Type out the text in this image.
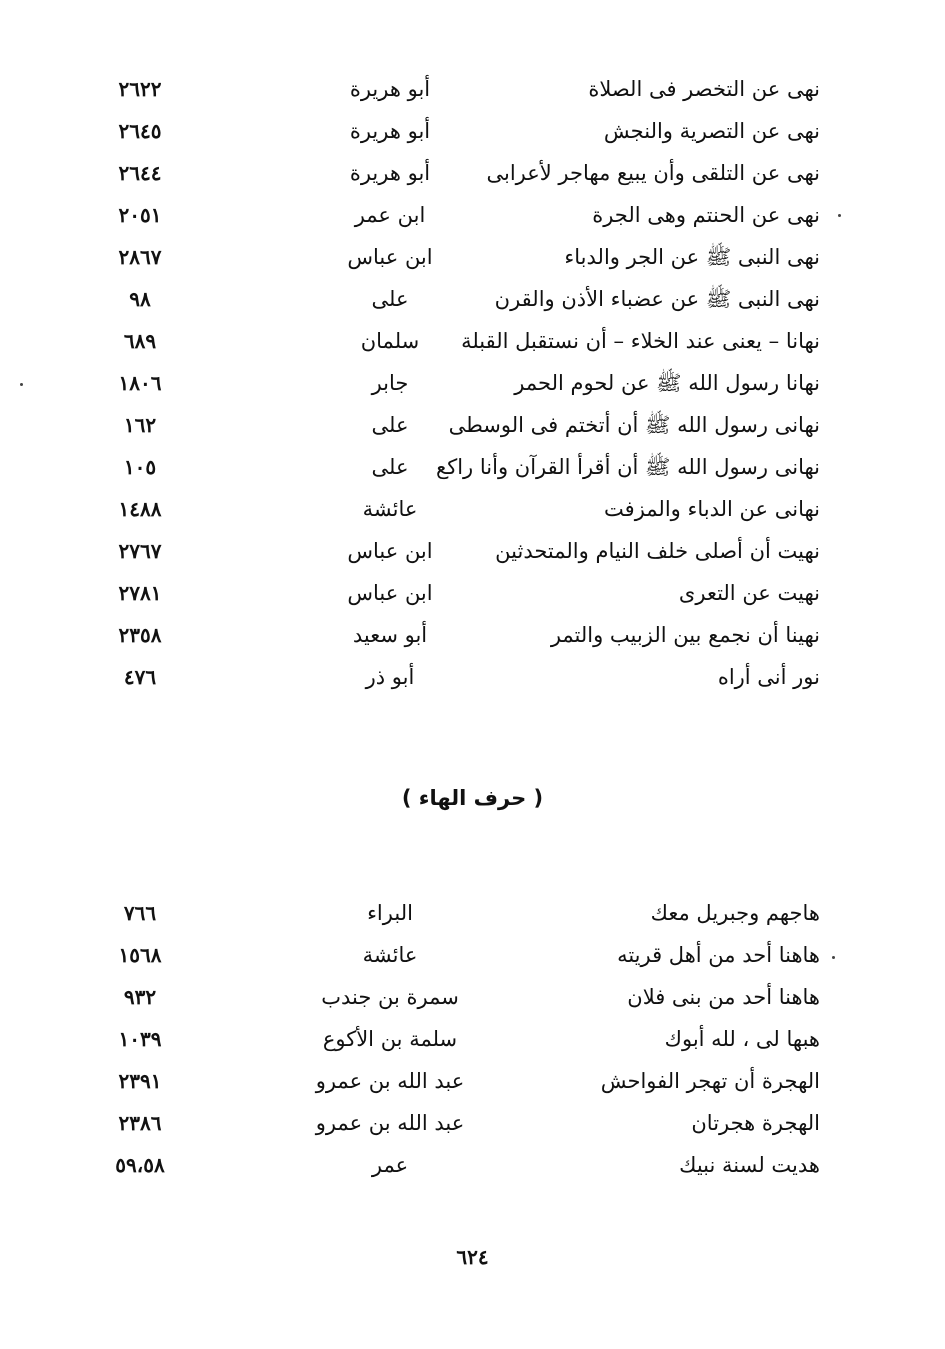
نهى عن التخصر فى الصلاة
أبو هريرة
٢٦٢٢
نهى عن التصرية والنجش
أبو هريرة
٢٦٤٥
نهى عن التلقى وأن يبيع مهاجر لأعرابى
أبو هريرة
٢٦٤٤
نهى عن الحنتم وهى الجرة
ابن عمر
٢٠٥١
نهى النبى ﷺ عن الجر والدباء
ابن عباس
٢٨٦٧
نهى النبى ﷺ عن عضباء الأذن والقرن
على
٩٨
نهانا – يعنى عند الخلاء – أن نستقبل القبلة
سلمان
٦٨٩
نهانا رسول الله ﷺ عن لحوم الحمر
جابر
١٨٠٦
نهانى رسول الله ﷺ أن أتختم فى الوسطى
على
١٦٢
نهانى رسول الله ﷺ أن أقرأ القرآن وأنا راكع
على
١٠٥
نهانى عن الدباء والمزفت
عائشة
١٤٨٨
نهيت أن أصلى خلف النيام والمتحدثين
ابن عباس
٢٧٦٧
نهيت عن التعرى
ابن عباس
٢٧٨١
نهينا أن نجمع بين الزبيب والتمر
أبو سعيد
٢٣٥٨
نور أنى أراه
أبو ذر
٤٧٦
( حرف الهاء )
هاجهم وجبريل معك
البراء
٧٦٦
هاهنا أحد من أهل قريته
عائشة
١٥٦٨
هاهنا أحد من بنى فلان
سمرة بن جندب
٩٣٢
هبها لى ، لله أبوك
سلمة بن الأكوع
١٠٣٩
الهجرة أن تهجر الفواحش
عبد الله بن عمرو
٢٣٩١
الهجرة هجرتان
عبد الله بن عمرو
٢٣٨٦
هديت لسنة نبيك
عمر
٥٩،٥٨
٦٢٤
